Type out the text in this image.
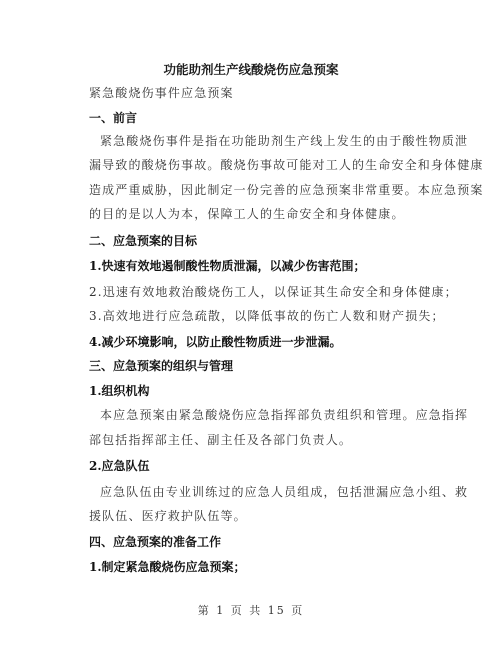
功能助剂生产线酸烧伤应急预案
紧急酸烧伤事件应急预案
一、前言
紧急酸烧伤事件是指在功能助剂生产线上发生的由于酸性物质泄
漏导致的酸烧伤事故。酸烧伤事故可能对工人的生命安全和身体健康
造成严重威胁，因此制定一份完善的应急预案非常重要。本应急预案
的目的是以人为本，保障工人的生命安全和身体健康。
二、应急预案的目标
1.快速有效地遏制酸性物质泄漏，以减少伤害范围；
2.迅速有效地救治酸烧伤工人，以保证其生命安全和身体健康；
3.高效地进行应急疏散，以降低事故的伤亡人数和财产损失；
4.减少环境影响，以防止酸性物质进一步泄漏。
三、应急预案的组织与管理
1.组织机构
本应急预案由紧急酸烧伤应急指挥部负责组织和管理。应急指挥
部包括指挥部主任、副主任及各部门负责人。
2.应急队伍
应急队伍由专业训练过的应急人员组成，包括泄漏应急小组、救
援队伍、医疗救护队伍等。
四、应急预案的准备工作
1.制定紧急酸烧伤应急预案；
第 1 页 共 15 页
